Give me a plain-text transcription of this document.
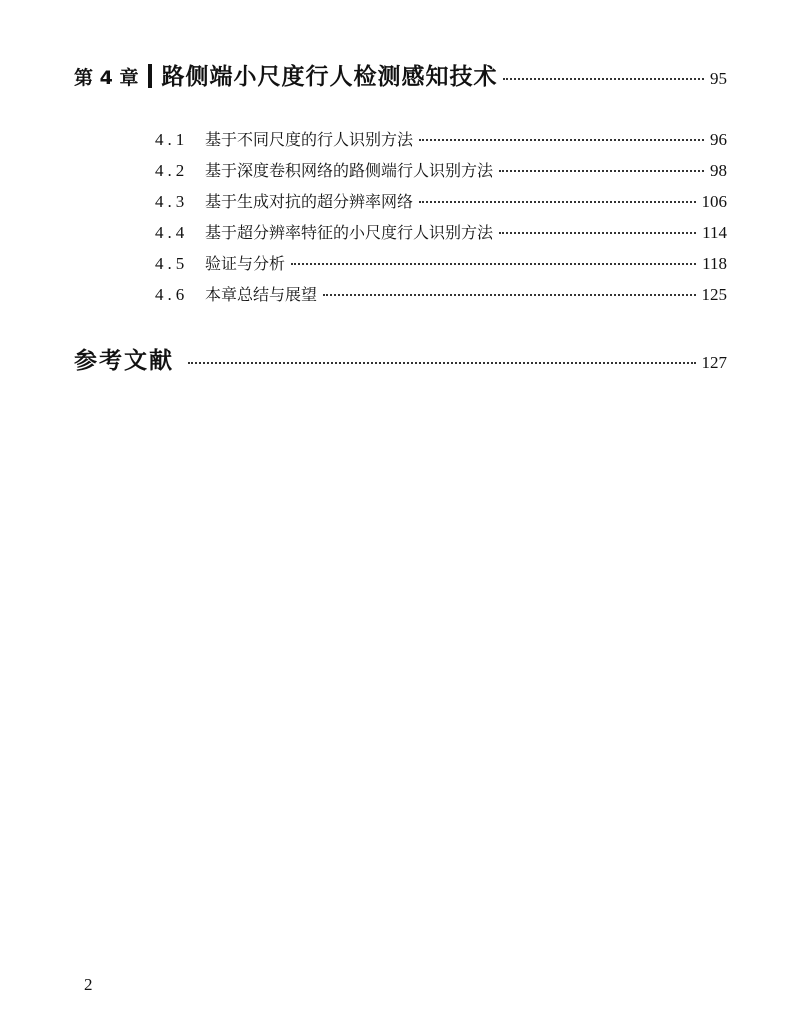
第 4 章 路侧端小尺度行人检测感知技术	95
4.1	基于不同尺度的行人识别方法	96
4.2	基于深度卷积网络的路侧端行人识别方法	98
4.3	基于生成对抗的超分辨率网络	106
4.4	基于超分辨率特征的小尺度行人识别方法	114
4.5	验证与分析	118
4.6	本章总结与展望	125
参考文献	127
2
